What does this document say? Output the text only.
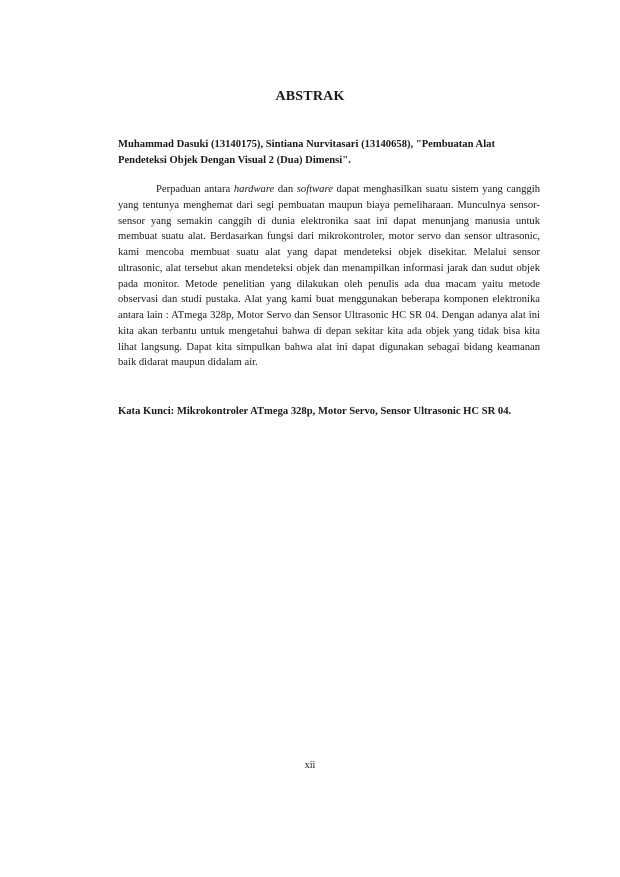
ABSTRAK
Muhammad Dasuki (13140175), Sintiana Nurvitasari (13140658), "Pembuatan Alat Pendeteksi Objek Dengan Visual 2 (Dua) Dimensi".

Perpaduan antara hardware dan software dapat menghasilkan suatu sistem yang canggih yang tentunya menghemat dari segi pembuatan maupun biaya pemeliharaan. Munculnya sensor-sensor yang semakin canggih di dunia elektronika saat ini dapat menunjang manusia untuk membuat suatu alat. Berdasarkan fungsi dari mikrokontroler, motor servo dan sensor ultrasonic, kami mencoba membuat suatu alat yang dapat mendeteksi objek disekitar. Melalui sensor ultrasonic, alat tersebut akan mendeteksi objek dan menampilkan informasi jarak dan sudut objek pada monitor. Metode penelitian yang dilakukan oleh penulis ada dua macam yaitu metode observasi dan studi pustaka. Alat yang kami buat menggunakan beberapa komponen elektronika antara lain : ATmega 328p, Motor Servo dan Sensor Ultrasonic HC SR 04. Dengan adanya alat ini kita akan terbantu untuk mengetahui bahwa di depan sekitar kita ada objek yang tidak bisa kita lihat langsung. Dapat kita simpulkan bahwa alat ini dapat digunakan sebagai bidang keamanan baik didarat maupun didalam air.

Kata Kunci: Mikrokontroler ATmega 328p, Motor Servo, Sensor Ultrasonic HC SR 04.
xii
